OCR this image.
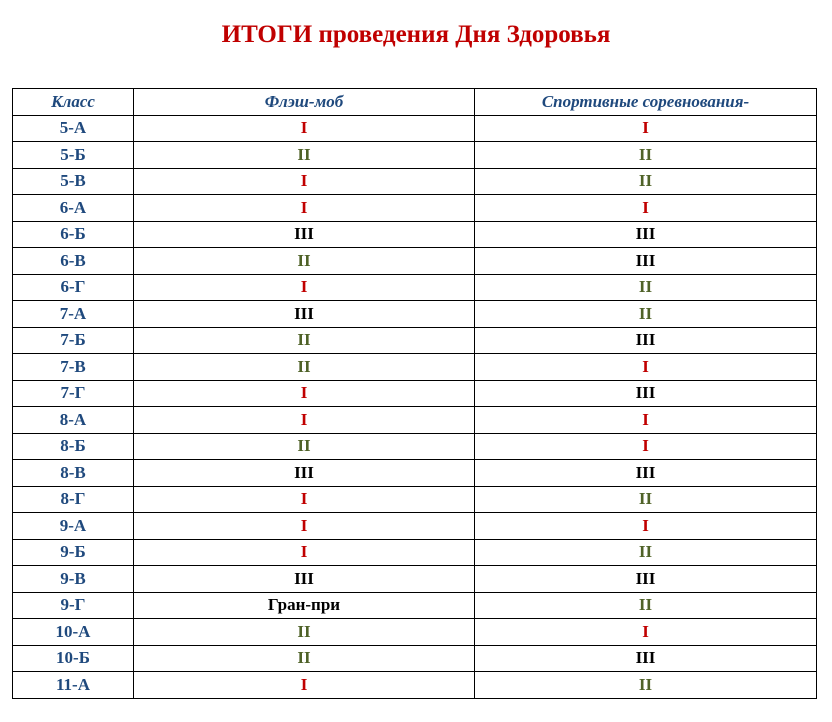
ИТОГИ проведения Дня Здоровья
Класс	Флэш-моб	Спортивные соревнования-
5-А	I	I
5-Б	II	II
5-В	I	II
6-А	I	I
6-Б	III	III
6-В	II	III
6-Г	I	II
7-А	III	II
7-Б	II	III
7-В	II	I
7-Г	I	III
8-А	I	I
8-Б	II	I
8-В	III	III
8-Г	I	II
9-А	I	I
9-Б	I	II
9-В	III	III
9-Г	Гран-при	II
10-А	II	I
10-Б	II	III
11-А	I	II
